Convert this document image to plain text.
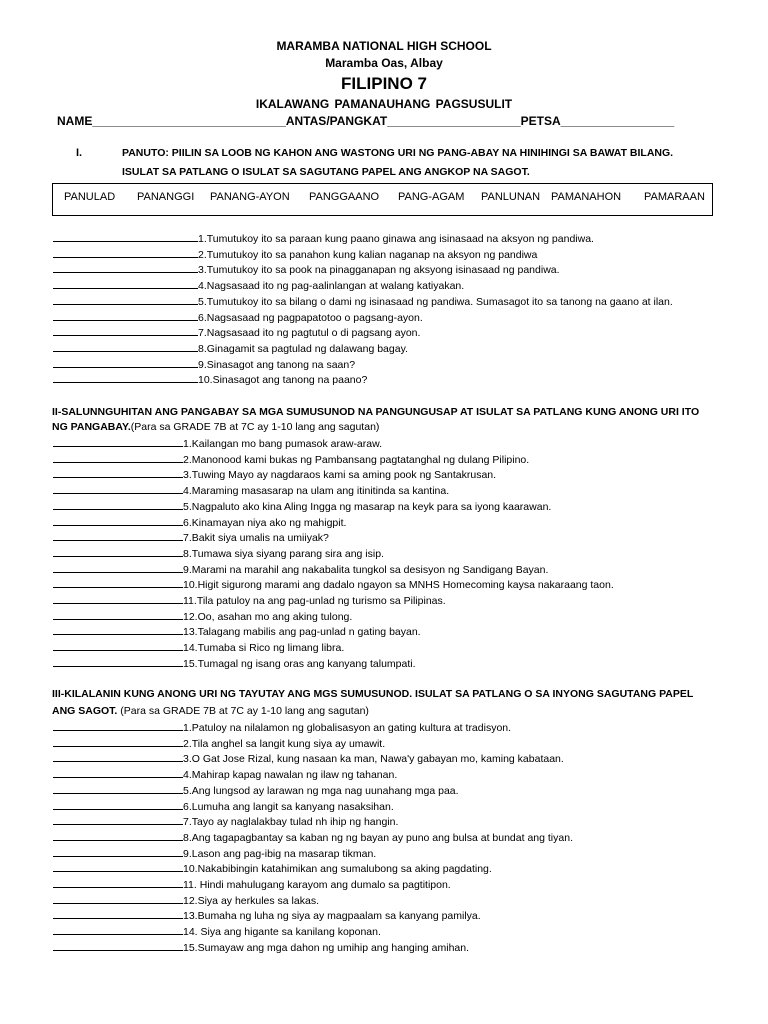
MARAMBA NATIONAL HIGH SCHOOL
Maramba Oas, Albay
FILIPINO 7
IKALAWANG PAMANAUHANG PAGSUSULIT
NAME_____________________________ANTAS/PANGKAT____________________PETSA_________________
I.	PANUTO: PIILIN SA LOOB NG KAHON ANG WASTONG URI NG PANG-ABAY NA HINIHINGI SA BAWAT BILANG.
ISULAT SA PATLANG O ISULAT SA SAGUTANG PAPEL ANG ANGKOP NA SAGOT.
PANULAD PANANGGI PANANG-AYON PANGGAANO PANG-AGAM PANLUNAN PAMANAHON PAMARAAN
1.Tumutukoy ito sa paraan kung paano ginawa ang isinasaad na aksyon ng pandiwa.
2.Tumutukoy ito sa panahon kung kalian naganap na aksyon ng pandiwa
3.Tumutukoy ito sa pook na pinagganapan ng aksyong isinasaad ng pandiwa.
4.Nagsasaad ito ng pag-aalinlangan at walang katiyakan.
5.Tumutukoy ito sa bilang o dami ng isinasaad ng pandiwa. Sumasagot ito sa tanong na gaano at ilan.
6.Nagsasaad ng pagpapatotoo o pagsang-ayon.
7.Nagsasaad ito ng pagtutul o di pagsang ayon.
8.Ginagamit sa pagtulad ng dalawang bagay.
9.Sinasagot ang tanong na saan?
10.Sinasagot ang tanong na paano?
II-SALUNNGUHITAN ANG PANGABAY SA MGA SUMUSUNOD NA PANGUNGUSAP AT ISULAT SA PATLANG KUNG ANONG URI ITO
NG PANGABAY.(Para sa GRADE 7B at 7C ay 1-10 lang ang sagutan)
1.Kailangan mo bang pumasok araw-araw.
2.Manonood kami bukas ng Pambansang pagtatanghal ng dulang Pilipino.
3.Tuwing Mayo ay nagdaraos kami sa aming pook ng Santakrusan.
4.Maraming masasarap na ulam ang itinitinda sa kantina.
5.Nagpaluto ako kina Aling Ingga ng masarap na keyk para sa iyong kaarawan.
6.Kinamayan niya ako ng mahigpit.
7.Bakit siya umalis na umiiyak?
8.Tumawa siya siyang parang sira ang isip.
9.Marami na marahil ang nakabalita tungkol sa desisyon ng Sandigang Bayan.
10.Higit sigurong marami ang dadalo ngayon sa MNHS Homecoming kaysa nakaraang taon.
11.Tila patuloy na ang pag-unlad ng turismo sa Pilipinas.
12.Oo, asahan mo ang aking tulong.
13.Talagang mabilis ang pag-unlad n gating bayan.
14.Tumaba si Rico ng limang libra.
15.Tumagal ng isang oras ang kanyang talumpati.
III-KILALANIN KUNG ANONG URI NG TAYUTAY ANG MGS SUMUSUNOD. ISULAT SA PATLANG O SA INYONG SAGUTANG PAPEL
ANG SAGOT. (Para sa GRADE 7B at 7C ay 1-10 lang ang sagutan)
1.Patuloy na nilalamon ng globalisasyon an gating kultura at tradisyon.
2.Tila anghel sa langit kung siya ay umawit.
3.O Gat Jose Rizal, kung nasaan ka man, Nawa'y gabayan mo, kaming kabataan.
4.Mahirap kapag nawalan ng ilaw ng tahanan.
5.Ang lungsod ay larawan ng mga nag uunahang mga paa.
6.Lumuha ang langit sa kanyang nasaksihan.
7.Tayo ay naglalakbay tulad nh ihip ng hangin.
8.Ang tagapagbantay sa kaban ng ng bayan ay puno ang bulsa at bundat ang tiyan.
9.Lason ang pag-ibig na masarap tikman.
10.Nakabibingin katahimikan ang sumalubong sa aking pagdating.
11. Hindi mahulugang karayom ang dumalo sa pagtitipon.
12.Siya ay herkules sa lakas.
13.Bumaha ng luha ng siya ay magpaalam sa kanyang pamilya.
14. Siya ang higante sa kanilang koponan.
15.Sumayaw ang mga dahon ng umihip ang hanging amihan.
